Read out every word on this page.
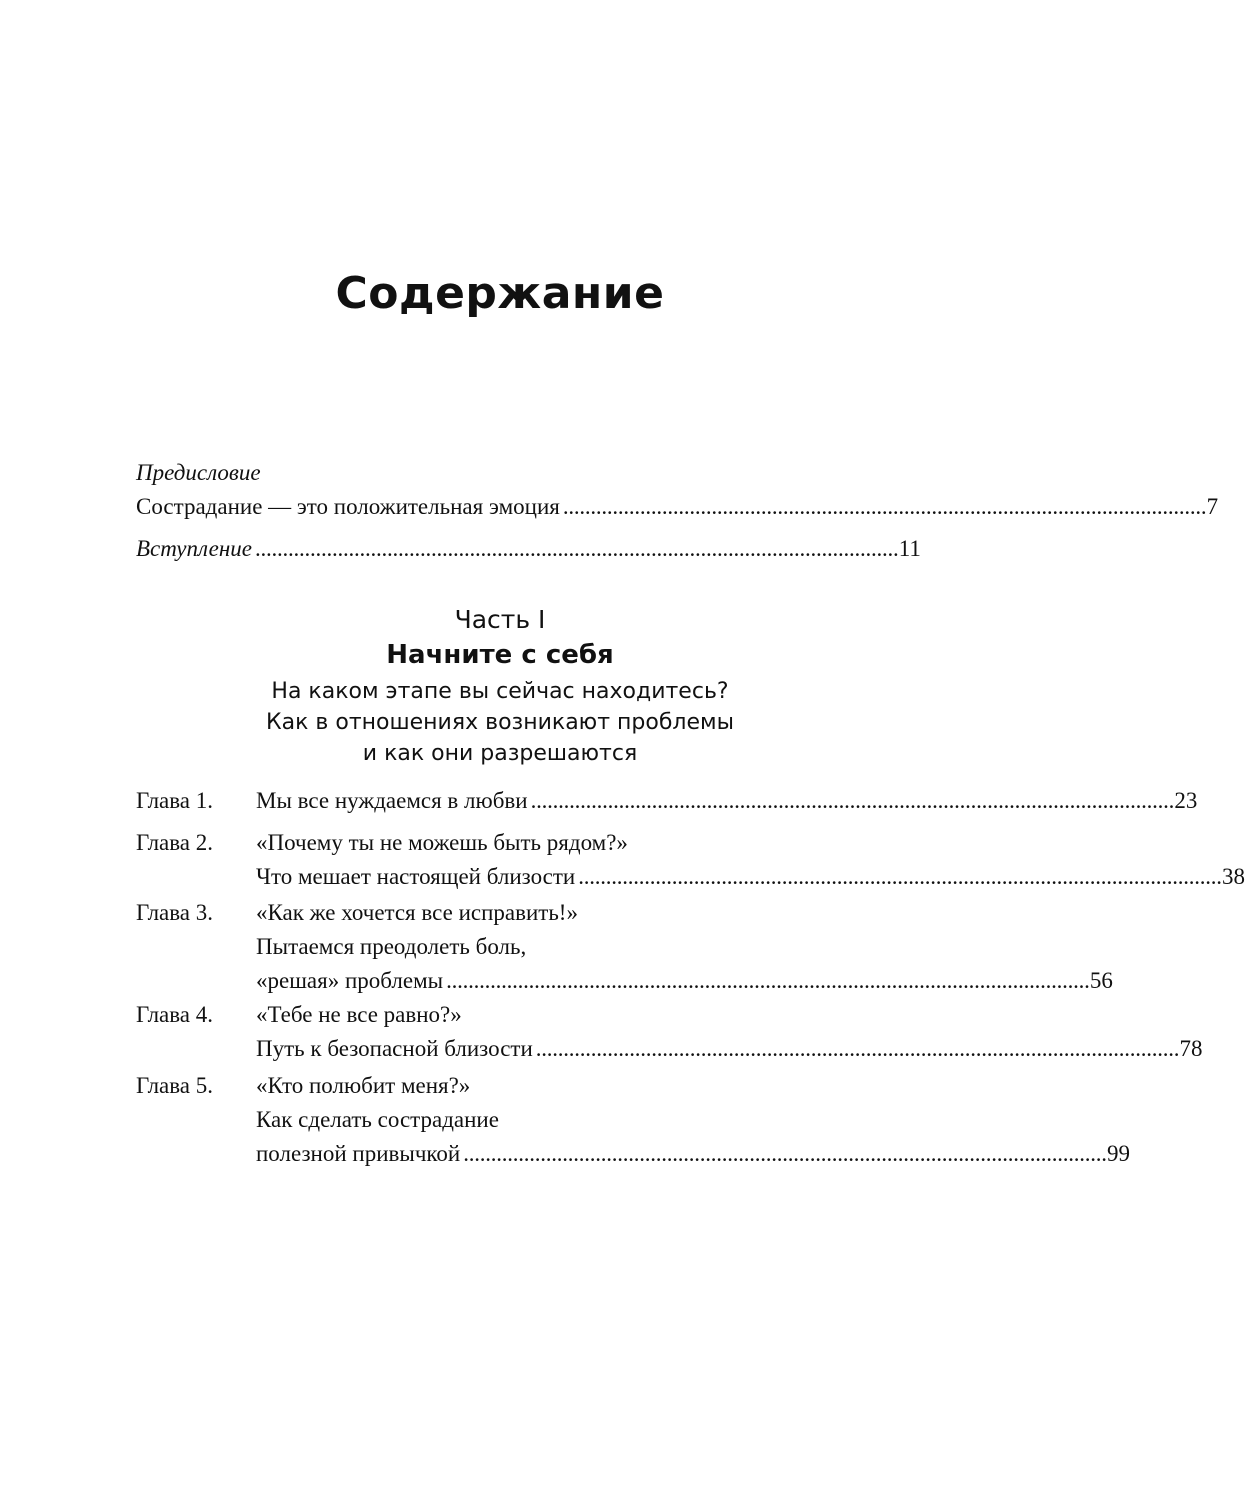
Содержание
Предисловие
Сострадание — это положительная эмоция . . .	7
Вступление . . .	11
Часть I
Начните с себя
На каком этапе вы сейчас находитесь?
Как в отношениях возникают проблемы
и как они разрешаются
Глава 1.	Мы все нуждаемся в любви . . .	23
Глава 2.	«Почему ты не можешь быть рядом?»
Что мешает настоящей близости . . .	38
Глава 3.	«Как же хочется все исправить!»
Пытаемся преодолеть боль,
«решая» проблемы . . .	56
Глава 4.	«Тебе не все равно?»
Путь к безопасной близости . . .	78
Глава 5.	«Кто полюбит меня?»
Как сделать сострадание
полезной привычкой . . .	99
